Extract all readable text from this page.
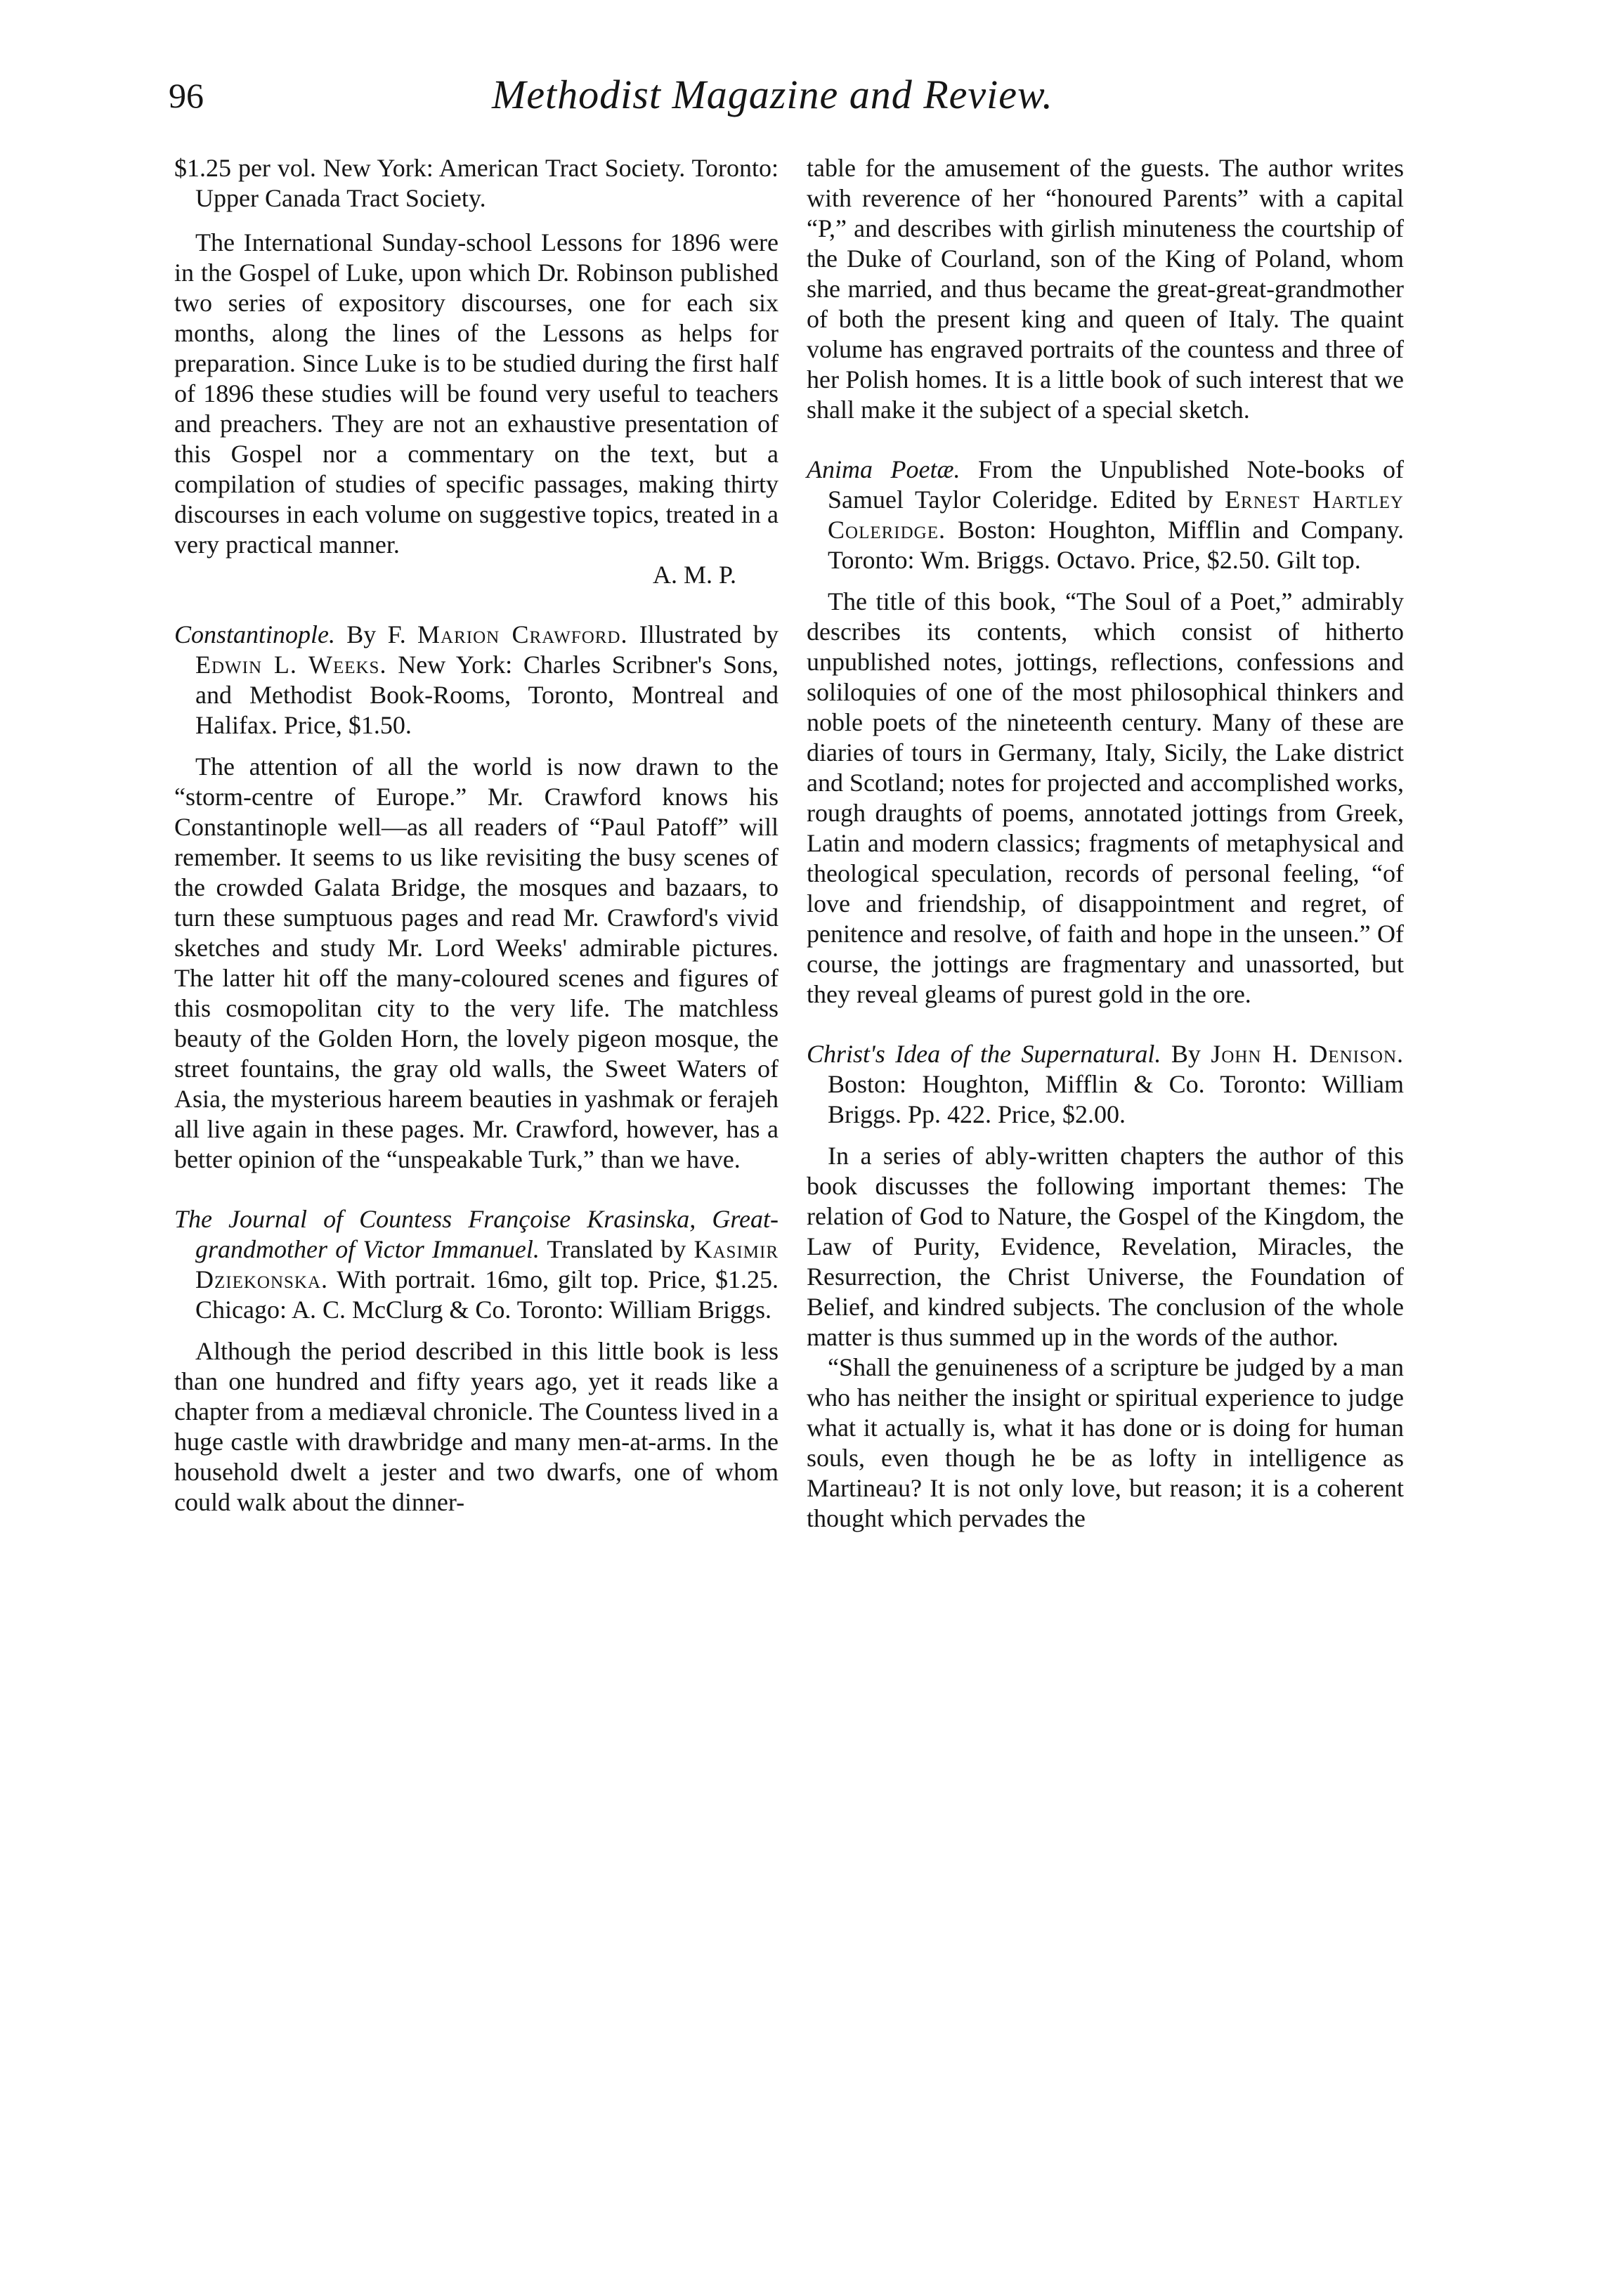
96	Methodist Magazine and Review.

$1.25 per vol. New York: American Tract Society. Toronto: Upper Canada Tract Society.

The International Sunday-school Lessons for 1896 were in the Gospel of Luke, upon which Dr. Robinson published two series of expository discourses, one for each six months, along the lines of the Lessons as helps for preparation. Since Luke is to be studied during the first half of 1896 these studies will be found very useful to teachers and preachers. They are not an exhaustive presentation of this Gospel nor a commentary on the text, but a compilation of studies of specific passages, making thirty discourses in each volume on suggestive topics, treated in a very practical manner.

A. M. P.

Constantinople. By F. Marion Crawford. Illustrated by Edwin L. Weeks. New York: Charles Scribner's Sons, and Methodist Book-Rooms, Toronto, Montreal and Halifax. Price, $1.50.

The attention of all the world is now drawn to the “storm-centre of Europe.” Mr. Crawford knows his Constantinople well—as all readers of “Paul Patoff” will remember. It seems to us like revisiting the busy scenes of the crowded Galata Bridge, the mosques and bazaars, to turn these sumptuous pages and read Mr. Crawford's vivid sketches and study Mr. Lord Weeks' admirable pictures. The latter hit off the many-coloured scenes and figures of this cosmopolitan city to the very life. The matchless beauty of the Golden Horn, the lovely pigeon mosque, the street fountains, the gray old walls, the Sweet Waters of Asia, the mysterious hareem beauties in yashmak or ferajeh all live again in these pages. Mr. Crawford, however, has a better opinion of the “unspeakable Turk,” than we have.

The Journal of Countess Françoise Krasinska, Great-grandmother of Victor Immanuel. Translated by Kasimir Dziekonska. With portrait. 16mo, gilt top. Price, $1.25. Chicago: A. C. McClurg & Co. Toronto: William Briggs.

Although the period described in this little book is less than one hundred and fifty years ago, yet it reads like a chapter from a mediæval chronicle. The Countess lived in a huge castle with drawbridge and many men-at-arms. In the household dwelt a jester and two dwarfs, one of whom could walk about the dinner-

table for the amusement of the guests. The author writes with reverence of her “honoured Parents” with a capital “P,” and describes with girlish minuteness the courtship of the Duke of Courland, son of the King of Poland, whom she married, and thus became the great-great-grandmother of both the present king and queen of Italy. The quaint volume has engraved portraits of the countess and three of her Polish homes. It is a little book of such interest that we shall make it the subject of a special sketch.

Anima Poetæ. From the Unpublished Note-books of Samuel Taylor Coleridge. Edited by Ernest Hartley Coleridge. Boston: Houghton, Mifflin and Company. Toronto: Wm. Briggs. Octavo. Price, $2.50. Gilt top.

The title of this book, “The Soul of a Poet,” admirably describes its contents, which consist of hitherto unpublished notes, jottings, reflections, confessions and soliloquies of one of the most philosophical thinkers and noble poets of the nineteenth century. Many of these are diaries of tours in Germany, Italy, Sicily, the Lake district and Scotland; notes for projected and accomplished works, rough draughts of poems, annotated jottings from Greek, Latin and modern classics; fragments of metaphysical and theological speculation, records of personal feeling, “of love and friendship, of disappointment and regret, of penitence and resolve, of faith and hope in the unseen.” Of course, the jottings are fragmentary and unassorted, but they reveal gleams of purest gold in the ore.

Christ's Idea of the Supernatural. By John H. Denison. Boston: Houghton, Mifflin & Co. Toronto: William Briggs. Pp. 422. Price, $2.00.

In a series of ably-written chapters the author of this book discusses the following important themes: The relation of God to Nature, the Gospel of the Kingdom, the Law of Purity, Evidence, Revelation, Miracles, the Resurrection, the Christ Universe, the Foundation of Belief, and kindred subjects. The conclusion of the whole matter is thus summed up in the words of the author.

“Shall the genuineness of a scripture be judged by a man who has neither the insight or spiritual experience to judge what it actually is, what it has done or is doing for human souls, even though he be as lofty in intelligence as Martineau? It is not only love, but reason; it is a coherent thought which pervades the
